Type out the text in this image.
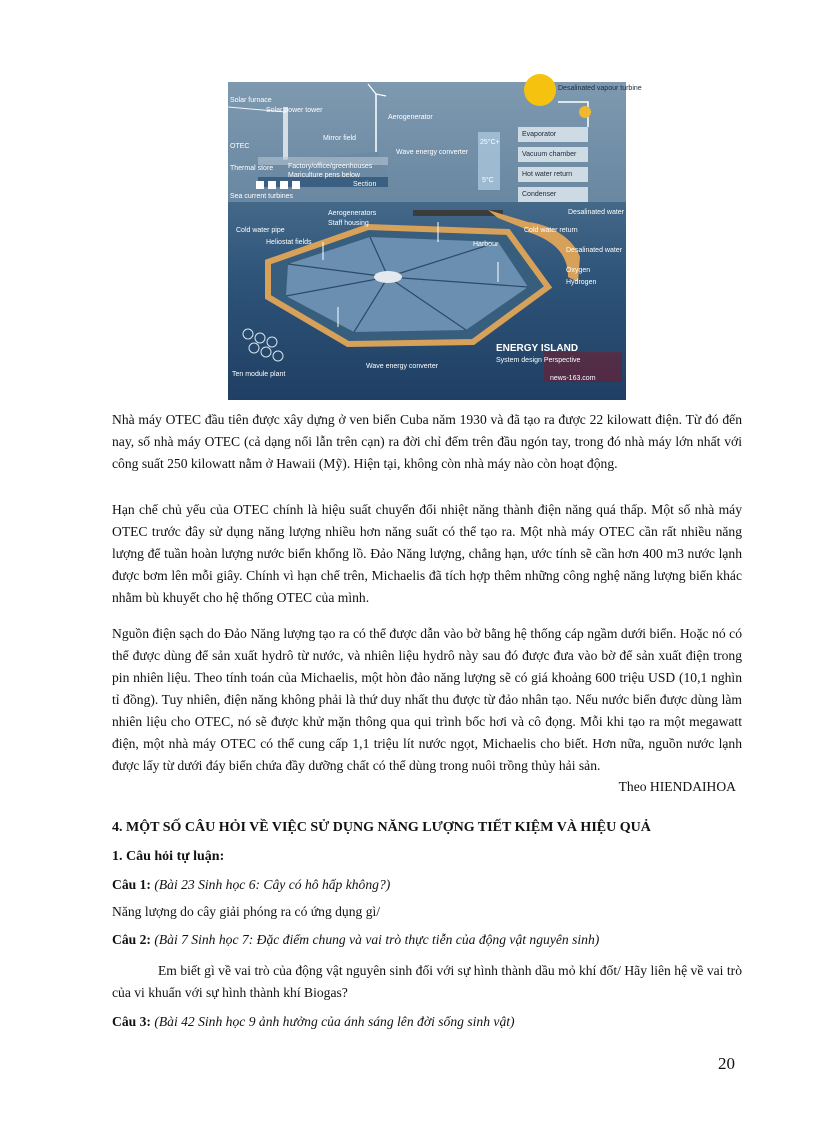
Solar furnace
Solar power tower
Aerogenerator
Desalinated vapour turbine
OTEC
Mirror field
Factory/office/greenhouses
Mariculture pens below
Section
Wave energy converter
Thermal store
Sea current turbines
Evaporator
Vacuum chamber
Hot water return
Condenser
25°C+
5°C
Desalinated water outlet
Cold water return
Cold water pipe
Aerogenerators
Staff housing
Heliostat fields	Harbour
Desalinated water
Oxygen
Hydrogen
Ten module plant
Wave energy converter
ENERGY ISLAND
System design Perspective
news-163.com

Nhà máy OTEC đầu tiên được xây dựng ở ven biển Cuba năm 1930 và đã tạo ra được 22 kilowatt điện. Từ đó đến nay, số nhà máy OTEC (cả dạng nổi lẫn trên cạn) ra đời chỉ đếm trên đầu ngón tay, trong đó nhà máy lớn nhất với công suất 250 kilowatt nằm ở Hawaii (Mỹ). Hiện tại, không còn nhà máy nào còn hoạt động.

Hạn chế chủ yếu của OTEC chính là hiệu suất chuyển đổi nhiệt năng thành điện năng quá thấp. Một số nhà máy OTEC trước đây sử dụng năng lượng nhiều hơn năng suất có thể tạo ra. Một nhà máy OTEC cần rất nhiều năng lượng để tuần hoàn lượng nước biển khổng lồ. Đảo Năng lượng, chẳng hạn, ước tính sẽ cần hơn 400 m3 nước lạnh được bơm lên mỗi giây. Chính vì hạn chế trên, Michaelis đã tích hợp thêm những công nghệ năng lượng biển khác nhằm bù khuyết cho hệ thống OTEC của mình.

Nguồn điện sạch do Đảo Năng lượng tạo ra có thể được dẫn vào bờ bằng hệ thống cáp ngầm dưới biển. Hoặc nó có thể được dùng để sản xuất hydrô từ nước, và nhiên liệu hydrô này sau đó được đưa vào bờ để sản xuất điện trong pin nhiên liệu. Theo tính toán của Michaelis, một hòn đảo năng lượng sẽ có giá khoảng 600 triệu USD (10,1 nghìn tỉ đồng). Tuy nhiên, điện năng không phải là thứ duy nhất thu được từ đảo nhân tạo. Nếu nước biển được dùng làm nhiên liệu cho OTEC, nó sẽ được khử mặn thông qua qui trình bốc hơi và cô đọng. Mỗi khi tạo ra một megawatt điện, một nhà máy OTEC có thể cung cấp 1,1 triệu lít nước ngọt, Michaelis cho biết. Hơn nữa, nguồn nước lạnh được lấy từ dưới đáy biển chứa đầy dưỡng chất có thể dùng trong nuôi trồng thủy hải sản.

Theo HIENDAIHOA
4. MỘT SỐ CÂU HỎI VỀ VIỆC SỬ DỤNG NĂNG LƯỢNG TIẾT KIỆM VÀ HIỆU QUẢ
1. Câu hỏi tự luận:
Câu 1: (Bài 23 Sinh học 6: Cây có hô hấp không?)
Năng lượng do cây giải phóng ra có ứng dụng gì/
Câu 2: (Bài 7 Sinh học 7: Đặc điểm chung và vai trò thực tiễn của động vật nguyên sinh)

Em biết gì về vai trò của động vật nguyên sinh đối với sự hình thành dầu mỏ khí đốt/ Hãy liên hệ về vai trò của vi khuẩn với sự hình thành khí Biogas?

Câu 3: (Bài 42 Sinh học 9 ảnh hưởng của ánh sáng lên đời sống sinh vật)
20
